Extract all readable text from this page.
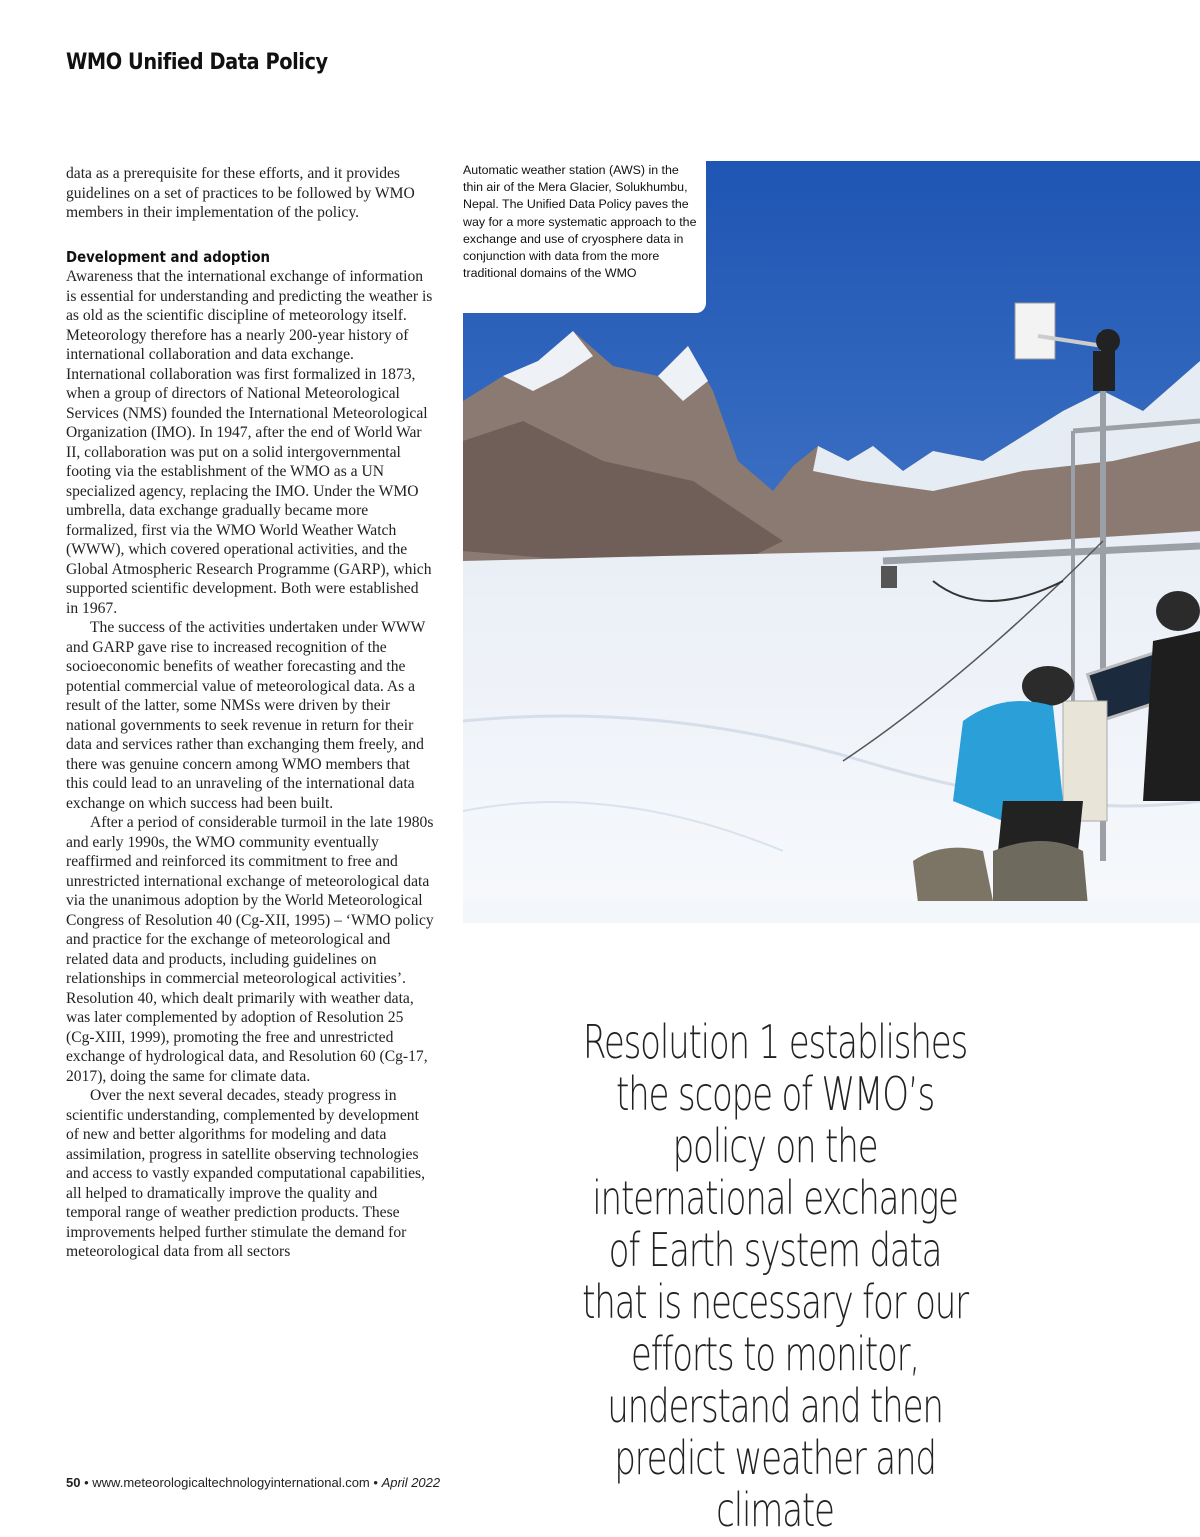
WMO Unified Data Policy

data as a prerequisite for these efforts, and it provides guidelines on a set of practices to be followed by WMO members in their implementation of the policy.

Development and adoption

Awareness that the international exchange of information is essential for understanding and predicting the weather is as old as the scientific discipline of meteorology itself. Meteorology therefore has a nearly 200-year history of international collaboration and data exchange. International collaboration was first formalized in 1873, when a group of directors of National Meteorological Services (NMS) founded the International Meteorological Organization (IMO). In 1947, after the end of World War II, collaboration was put on a solid intergovernmental footing via the establishment of the WMO as a UN specialized agency, replacing the IMO. Under the WMO umbrella, data exchange gradually became more formalized, first via the WMO World Weather Watch (WWW), which covered operational activities, and the Global Atmospheric Research Programme (GARP), which supported scientific development. Both were established in 1967.

The success of the activities undertaken under WWW and GARP gave rise to increased recognition of the socioeconomic benefits of weather forecasting and the potential commercial value of meteorological data. As a result of the latter, some NMSs were driven by their national governments to seek revenue in return for their data and services rather than exchanging them freely, and there was genuine concern among WMO members that this could lead to an unraveling of the international data exchange on which success had been built.

After a period of considerable turmoil in the late 1980s and early 1990s, the WMO community eventually reaffirmed and reinforced its commitment to free and unrestricted international exchange of meteorological data via the unanimous adoption by the World Meteorological Congress of Resolution 40 (Cg-XII, 1995) – ‘WMO policy and practice for the exchange of meteorological and related data and products, including guidelines on relationships in commercial meteorological activities’. Resolution 40, which dealt primarily with weather data, was later complemented by adoption of Resolution 25 (Cg-XIII, 1999), promoting the free and unrestricted exchange of hydrological data, and Resolution 60 (Cg-17, 2017), doing the same for climate data.

Over the next several decades, steady progress in scientific understanding, complemented by development of new and better algorithms for modeling and data assimilation, progress in satellite observing technologies and access to vastly expanded computational capabilities, all helped to dramatically improve the quality and temporal range of weather prediction products. These improvements helped further stimulate the demand for meteorological data from all sectors

Automatic weather station (AWS) in the thin air of the Mera Glacier, Solukhumbu, Nepal. The Unified Data Policy paves the way for a more systematic approach to the exchange and use of cryosphere data in conjunction with data from the more traditional domains of the WMO
Resolution 1 establishes the scope of WMO’s policy on the international exchange of Earth system data that is necessary for our efforts to monitor, understand and then predict weather and climate
50 • www.meteorologicaltechnologyinternational.com • April 2022
